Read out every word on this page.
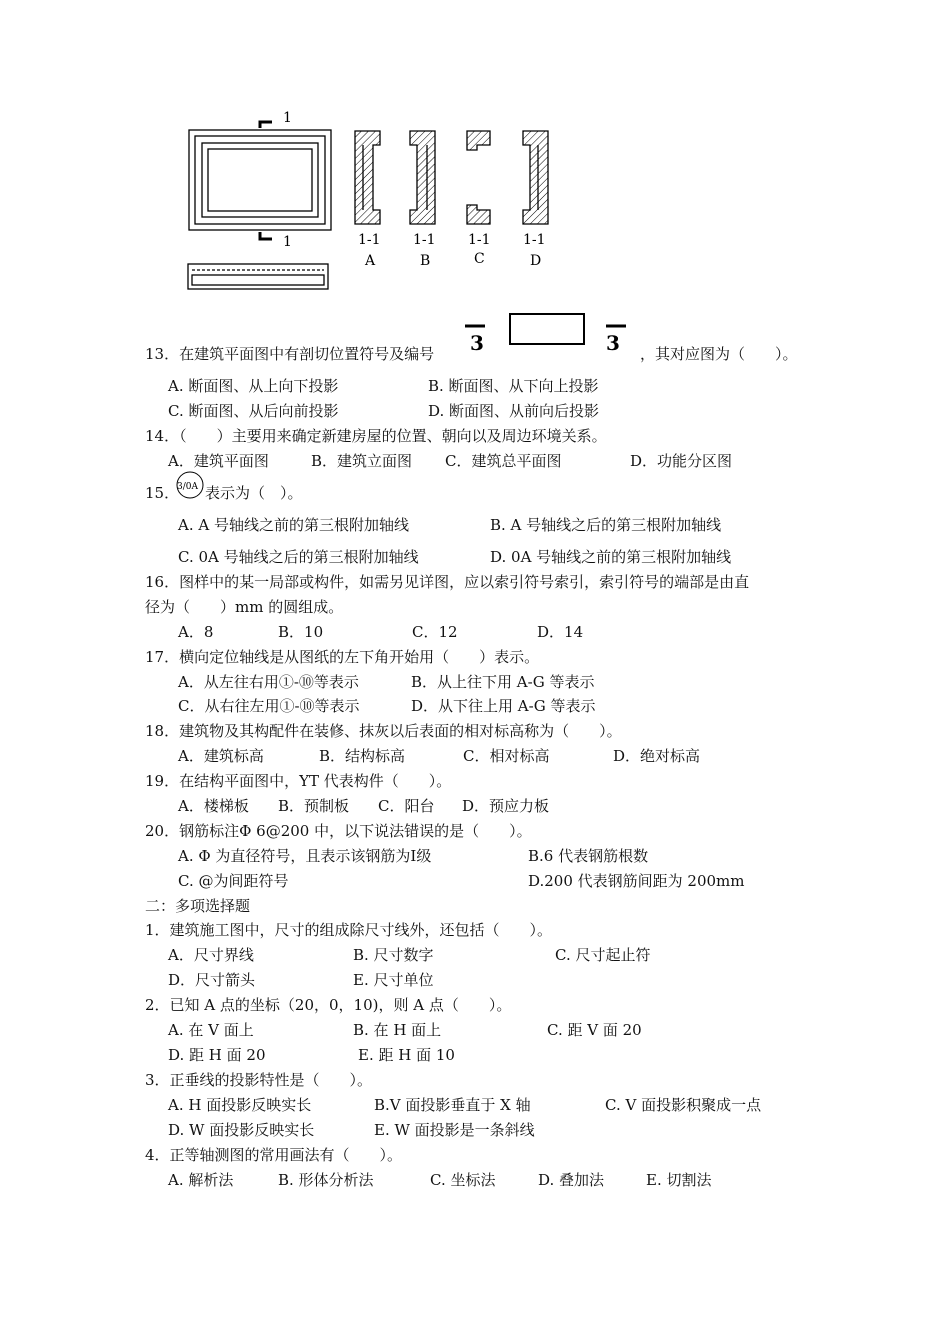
1
1	1-1 1-1 1-1 1-1
A	B	C	D
13．在建筑平面图中有剖切位置符号及编号 3	3 ，其对应图为（　　）。
A. 断面图、从上向下投影	B. 断面图、从下向上投影
C. 断面图、从后向前投影	D. 断面图、从前向后投影
14．（　　）主要用来确定新建房屋的位置、朝向以及周边环境关系。
A．建筑平面图	B．建筑立面图 C．建筑总平面图	D．功能分区图
15．
3/0A 表示为（　）。
A. A 号轴线之前的第三根附加轴线	B. A 号轴线之后的第三根附加轴线
C. 0A 号轴线之后的第三根附加轴线	D. 0A 号轴线之前的第三根附加轴线
16．图样中的某一局部或构件，如需另见详图，应以索引符号索引，索引符号的端部是由直
径为（　　）mm 的圆组成。
A．8	B．10	C．12	D．14
17．横向定位轴线是从图纸的左下角开始用（　　）表示。
A．从左往右用①-⑩等表示	B．从上往下用 A-G 等表示
C．从右往左用①-⑩等表示	D．从下往上用 A-G 等表示
18．建筑物及其构配件在装修、抹灰以后表面的相对标高称为（　　）。
A．建筑标高	B．结构标高	C．相对标高	D．绝对标高
19．在结构平面图中，YT 代表构件（　　）。
A．楼梯板 B．预制板 C．阳台 D．预应力板
20．钢筋标注Φ 6@200 中，以下说法错误的是（　　）。
A. Φ 为直径符号，且表示该钢筋为Ⅰ级	B.6 代表钢筋根数
C. @为间距符号	D.200 代表钢筋间距为 200mm
二：多项选择题
1．建筑施工图中，尺寸的组成除尺寸线外，还包括（　　）。
A．尺寸界线	B. 尺寸数字	C. 尺寸起止符
D．尺寸箭头	E. 尺寸单位
2．已知 A 点的坐标（20，0，10)，则 A 点（　　）。
A. 在 V 面上	B. 在 H 面上	C. 距 V 面 20
D. 距 H 面 20	E. 距 H 面 10
3．正垂线的投影特性是（　　）。
A. H 面投影反映实长	B.V 面投影垂直于 X 轴	C. V 面投影积聚成一点
D. W 面投影反映实长	E. W 面投影是一条斜线
4．正等轴测图的常用画法有（　　）。
A. 解析法	B. 形体分析法	C. 坐标法	D. 叠加法	E. 切割法
